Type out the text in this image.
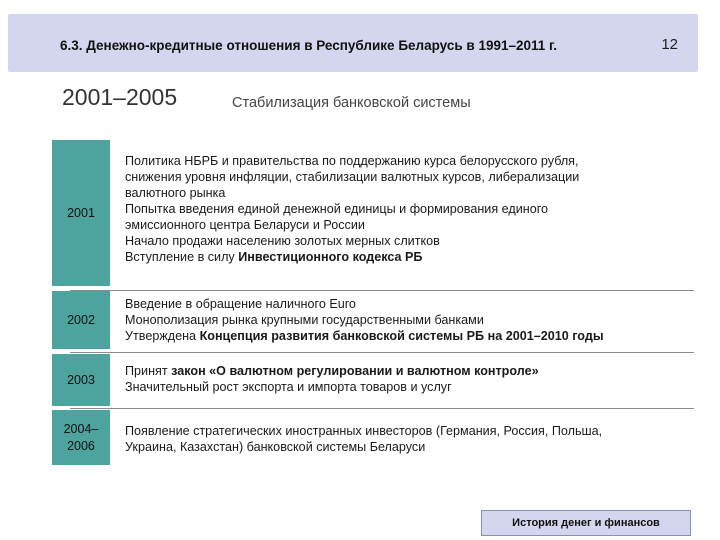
6.3. Денежно-кредитные отношения в Республике Беларусь в 1991–2011 г.	12
2001–2005	Стабилизация банковской системы
2001
Политика НБРБ и правительства по поддержанию курса белорусского рубля,
снижения уровня инфляции, стабилизации валютных курсов, либерализации
валютного рынка
Попытка введения единой денежной единицы и формирования единого
эмиссионного центра Беларуси и России
Начало продажи населению золотых мерных слитков
Вступление в силу Инвестиционного кодекса РБ
2002
Введение в обращение наличного Euro
Монополизация рынка крупными государственными банками
Утверждена Концепция развития банковской системы РБ на 2001–2010 годы
2003
Принят закон «О валютном регулировании и валютном контроле»
Значительный рост экспорта и импорта товаров и услуг
2004–
2006
Появление стратегических иностранных инвесторов (Германия, Россия, Польша,
Украина, Казахстан) банковской системы Беларуси
История денег и финансов
